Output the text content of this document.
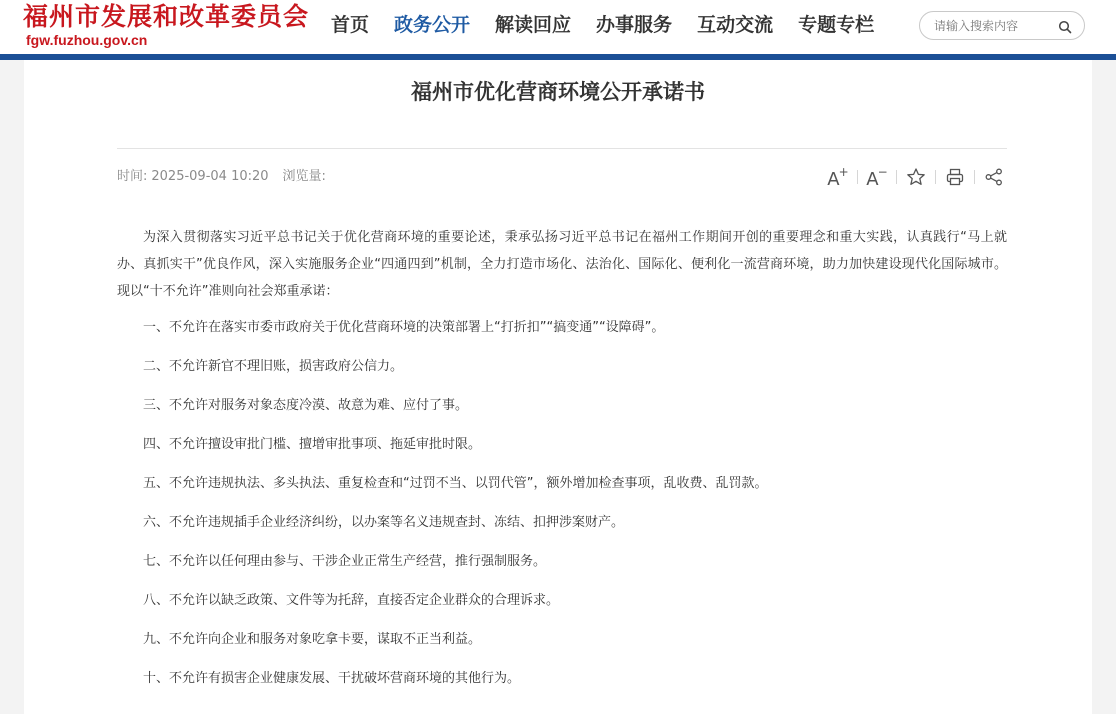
福州市发展和改革委员会
fgw.fuzhou.gov.cn
首页 政务公开 解读回应 办事服务 互动交流 专题专栏
请输入搜索内容
福州市优化营商环境公开承诺书
时间: 2025-09-04 10:20 浏览量:	A+ A−

为深入贯彻落实习近平总书记关于优化营商环境的重要论述，秉承弘扬习近平总书记在福州工作期间开创的重要理念和重大实践，认真践行“马上就办、真抓实干”优良作风，深入实施服务企业“四通四到”机制，全力打造市场化、法治化、国际化、便利化一流营商环境，助力加快建设现代化国际城市。现以“十不允许”准则向社会郑重承诺：

一、不允许在落实市委市政府关于优化营商环境的决策部署上“打折扣”“搞变通”“设障碍”。
二、不允许新官不理旧账，损害政府公信力。
三、不允许对服务对象态度冷漠、故意为难、应付了事。
四、不允许擅设审批门槛、擅增审批事项、拖延审批时限。
五、不允许违规执法、多头执法、重复检查和“过罚不当、以罚代管”，额外增加检查事项，乱收费、乱罚款。
六、不允许违规插手企业经济纠纷，以办案等名义违规查封、冻结、扣押涉案财产。
七、不允许以任何理由参与、干涉企业正常生产经营，推行强制服务。
八、不允许以缺乏政策、文件等为托辞，直接否定企业群众的合理诉求。
九、不允许向企业和服务对象吃拿卡要，谋取不正当利益。
十、不允许有损害企业健康发展、干扰破坏营商环境的其他行为。
